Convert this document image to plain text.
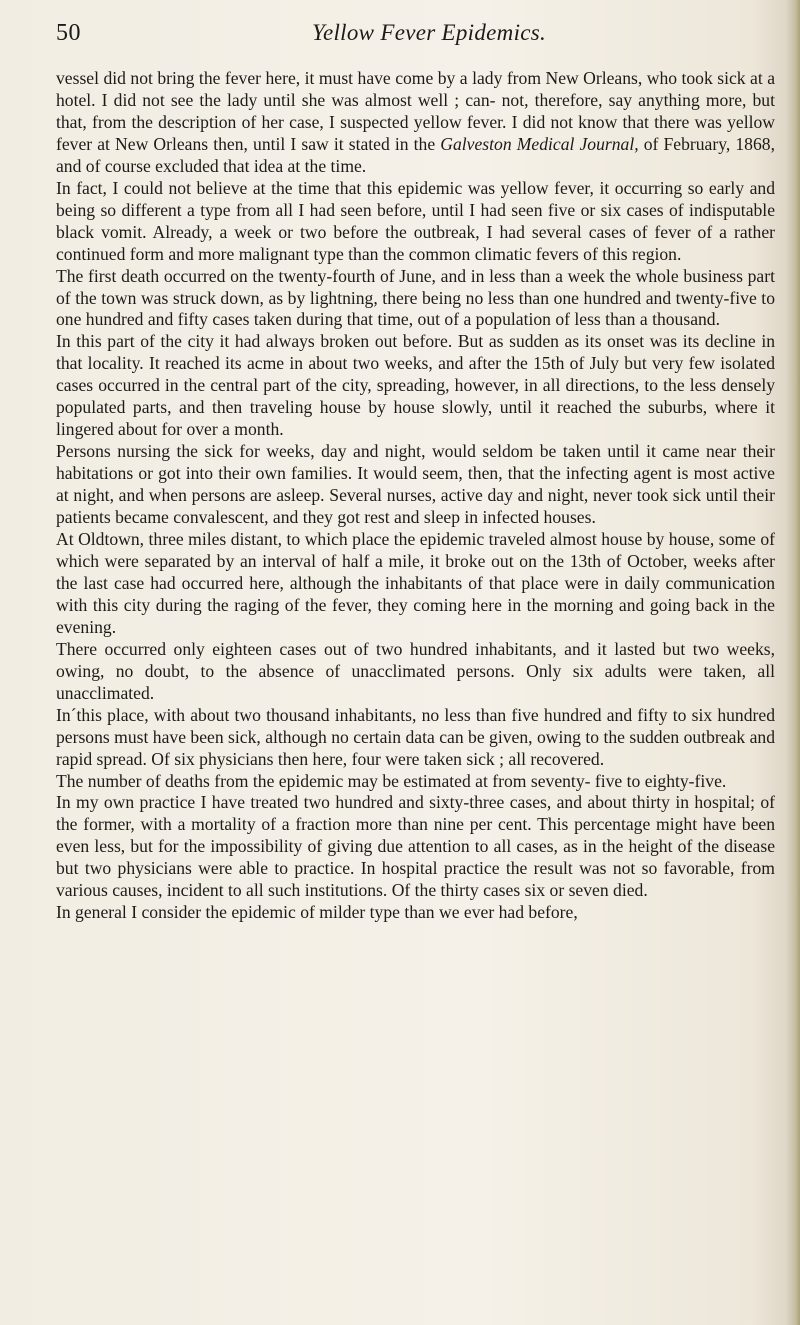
50	Yellow Fever Epidemics.

vessel did not bring the fever here, it must have come by a lady from New Orleans, who took sick at a hotel. I did not see the lady until she was almost well ; can- not, therefore, say anything more, but that, from the description of her case, I suspected yellow fever. I did not know that there was yellow fever at New Orleans then, until I saw it stated in the Galveston Medical Journal, of February, 1868, and of course excluded that idea at the time.

In fact, I could not believe at the time that this epidemic was yellow fever, it occurring so early and being so different a type from all I had seen before, until I had seen five or six cases of indisputable black vomit. Already, a week or two before the outbreak, I had several cases of fever of a rather continued form and more malignant type than the common climatic fevers of this region.

The first death occurred on the twenty-fourth of June, and in less than a week the whole business part of the town was struck down, as by lightning, there being no less than one hundred and twenty-five to one hundred and fifty cases taken during that time, out of a population of less than a thousand.

In this part of the city it had always broken out before. But as sudden as its onset was its decline in that locality. It reached its acme in about two weeks, and after the 15th of July but very few isolated cases occurred in the central part of the city, spreading, however, in all directions, to the less densely populated parts, and then traveling house by house slowly, until it reached the suburbs, where it lingered about for over a month.

Persons nursing the sick for weeks, day and night, would seldom be taken until it came near their habitations or got into their own families. It would seem, then, that the infecting agent is most active at night, and when persons are asleep. Several nurses, active day and night, never took sick until their patients became convalescent, and they got rest and sleep in infected houses.

At Oldtown, three miles distant, to which place the epidemic traveled almost house by house, some of which were separated by an interval of half a mile, it broke out on the 13th of October, weeks after the last case had occurred here, although the inhabitants of that place were in daily communication with this city during the raging of the fever, they coming here in the morning and going back in the evening.

There occurred only eighteen cases out of two hundred inhabitants, and it lasted but two weeks, owing, no doubt, to the absence of unacclimated persons. Only six adults were taken, all unacclimated.

In´this place, with about two thousand inhabitants, no less than five hundred and fifty to six hundred persons must have been sick, although no certain data can be given, owing to the sudden outbreak and rapid spread. Of six physicians then here, four were taken sick ; all recovered.

The number of deaths from the epidemic may be estimated at from seventy- five to eighty-five.

In my own practice I have treated two hundred and sixty-three cases, and about thirty in hospital; of the former, with a mortality of a fraction more than nine per cent. This percentage might have been even less, but for the impossibility of giving due attention to all cases, as in the height of the disease but two physicians were able to practice. In hospital practice the result was not so favorable, from various causes, incident to all such institutions. Of the thirty cases six or seven died.

In general I consider the epidemic of milder type than we ever had before,
